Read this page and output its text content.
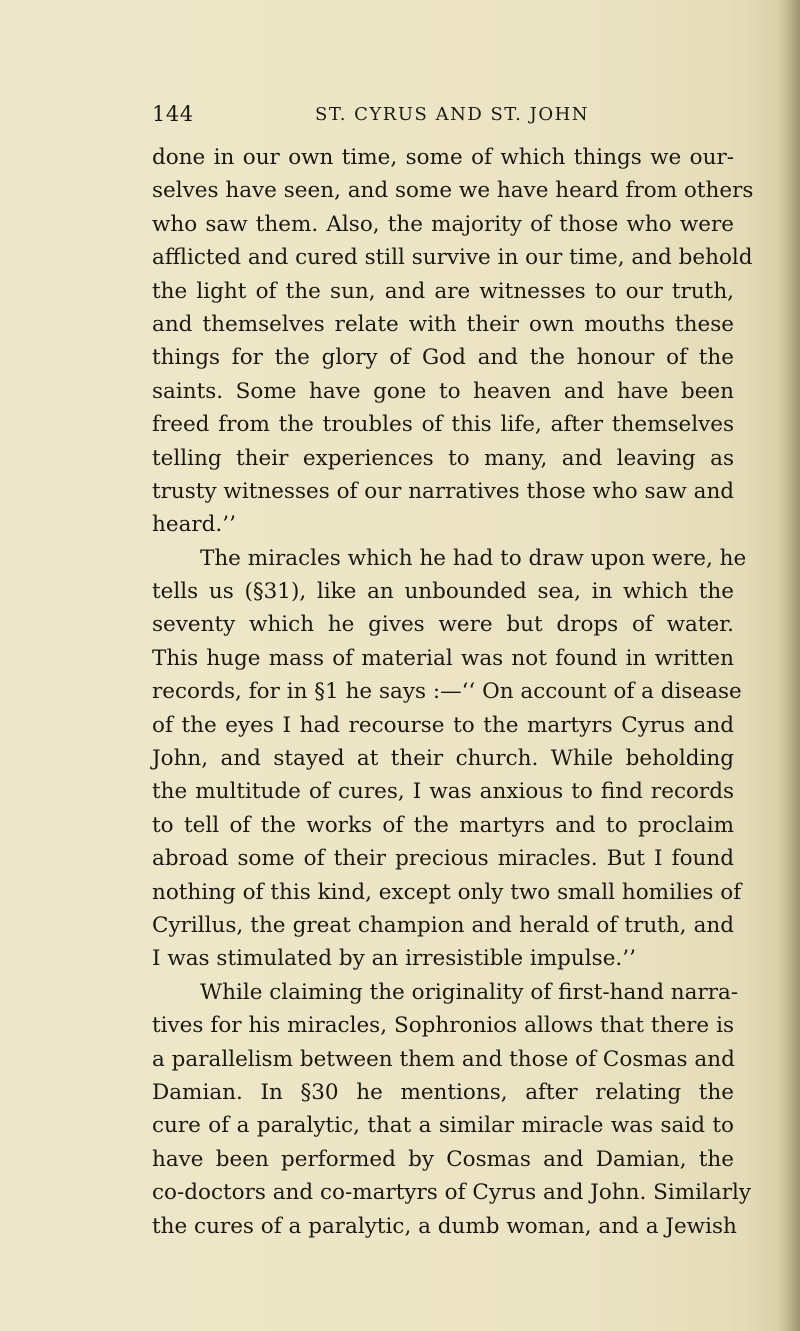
144	ST. CYRUS AND ST. JOHN
done in our own time, some of which things we our-
selves have seen, and some we have heard from others
who saw them. Also, the majority of those who were
afflicted and cured still survive in our time, and behold
the light of the sun, and are witnesses to our truth,
and themselves relate with their own mouths these
things for the glory of God and the honour of the
saints. Some have gone to heaven and have been
freed from the troubles of this life, after themselves
telling their experiences to many, and leaving as
trusty witnesses of our narratives those who saw and
heard.’’
The miracles which he had to draw upon were, he
tells us (§31), like an unbounded sea, in which the
seventy which he gives were but drops of water.
This huge mass of material was not found in written
records, for in §1 he says :—‘‘ On account of a disease
of the eyes I had recourse to the martyrs Cyrus and
John, and stayed at their church. While beholding
the multitude of cures, I was anxious to find records
to tell of the works of the martyrs and to proclaim
abroad some of their precious miracles. But I found
nothing of this kind, except only two small homilies of
Cyrillus, the great champion and herald of truth, and
I was stimulated by an irresistible impulse.’’
While claiming the originality of first-hand narra-
tives for his miracles, Sophronios allows that there is
a parallelism between them and those of Cosmas and
Damian. In §30 he mentions, after relating the
cure of a paralytic, that a similar miracle was said to
have been performed by Cosmas and Damian, the
co-doctors and co-martyrs of Cyrus and John. Similarly
the cures of a paralytic, a dumb woman, and a Jewish
